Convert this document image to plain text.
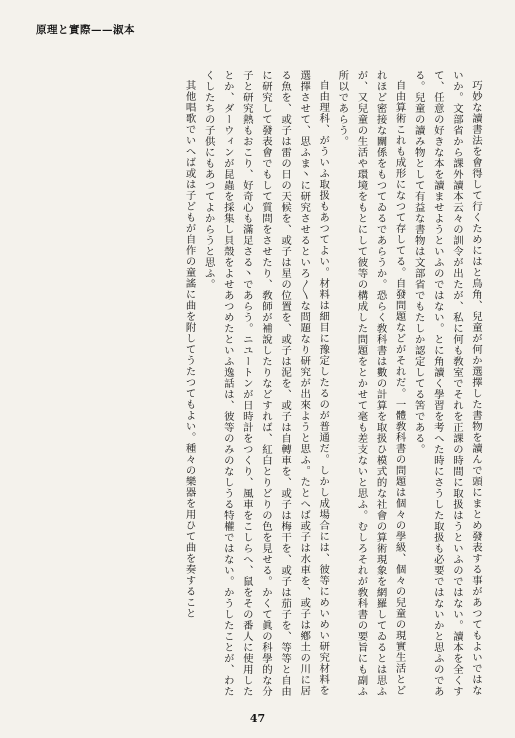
原理と實際——淑本

巧妙な讀書法を會得して行くためにはと鳥角、兒童が何か選擇した書物を讀んで頭にまとめ發表する事があつてもよいではないか。文部省から課外讀本云々の訓令が出たが、私に何も敎室でそれを正課の時間に取扱はうといふのではない。讀本を全くすて、任意の好きな本を讀ませようといふのではない。とに角讀く學習を考へた時にさうした取扱も必要ではないかと思ふのである。兒童の讀み物として有益な書物は文部省でもたしか認定してる筈である。

自由算術これも成形になつて存してる。自發問題などがそれだ。一體敎科書の問題は個々の學級、個々の兒童の現實生活とどれほど密接な關係をもつてゐるであらうか。恐らく敎科書は數の計算を取扱ひ模式的な社會の算術現象を網羅してゐるとは思ふが、又兒童の生活や環境をもとにして彼等の構成した問題をとかせて毫も差支ないと思ふ。むしろそれが敎科書の要旨にも副ふ所以であらう。

自由理科、がういふ取扱もあつてよい。材料は細目に豫定したるのが普通だ。しかし成場合には、彼等にめいめい研究材料を選擇させて、思ふま丶に研究させるといろ〱な問題なり研究が出來ようと思ふ。たとへば或子は水車を、或子は鄕土の川に居る魚を、或子は雷の日の天候を、或子は星の位置を、或子は泥を、或子は自轉車を、或子は梅干を、或子は茄子を、等等と自由に研究して發表會でもして質問をさせたり、敎師が補說したりなどすれば、紅白とりどりの色を見せる。かくて眞の科學的な分子と研究熱もおこり、好奇心も滿足さる丶であらう。ニユートンが日時計をつくり、風車をこしらへ、鼠をその番人に使用したとか、ダーウィンが昆蟲を採集し貝殼をよせあつめたといふ逸話は、彼等のみのなしうる特權ではない。かうしたことが、わたくしたちの子供にもあつてよからうと思ふ。

其他唱歌でいへば或は子どもが自作の童謠に曲を附してうたつてもよい。種々の樂器を用ひて曲を奏すること

47
